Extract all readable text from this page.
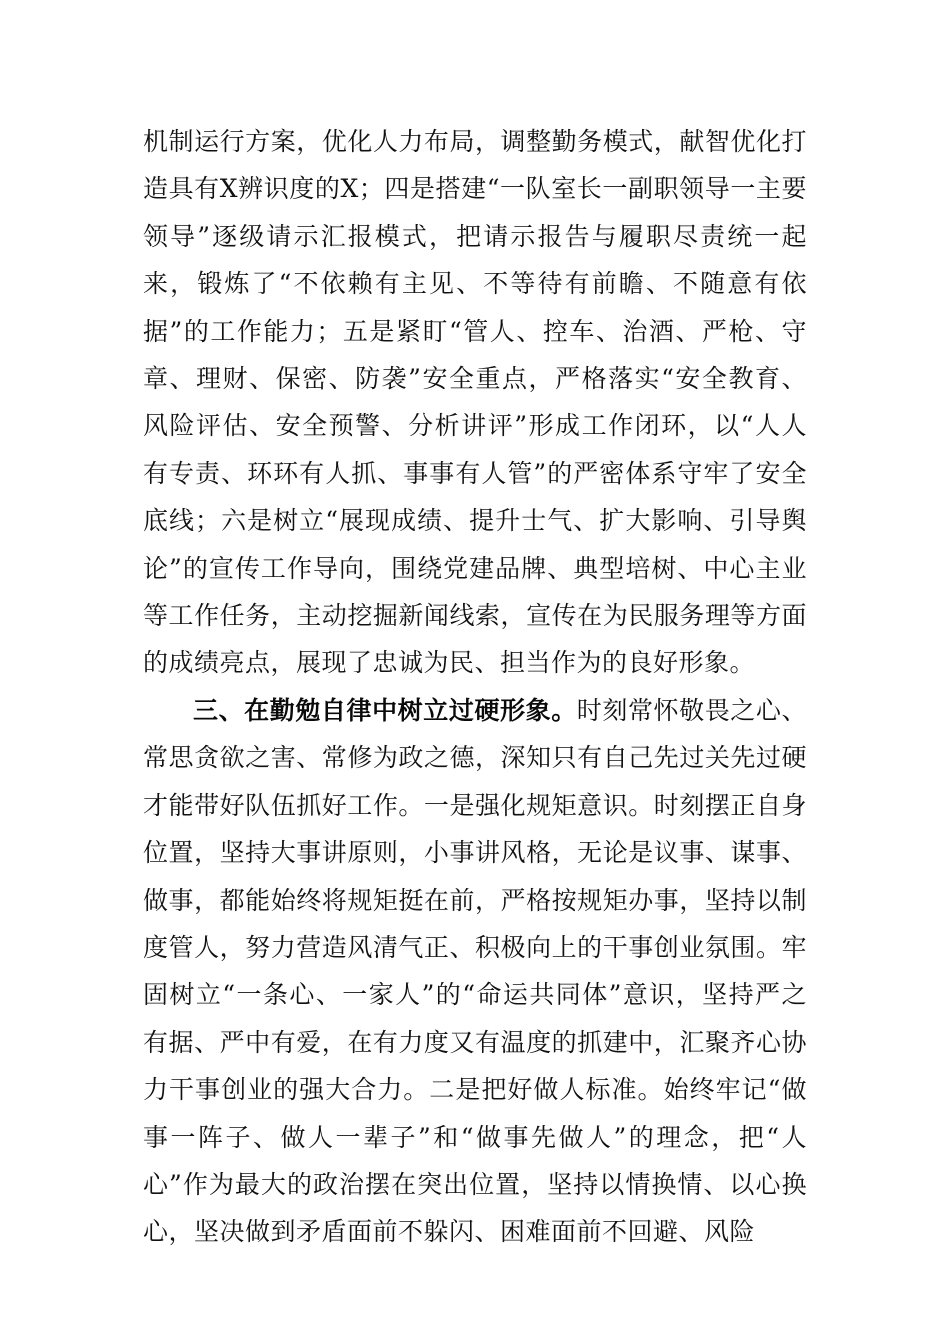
机制运行方案，优化人力布局，调整勤务模式，献智优化打造具有X辨识度的X；四是搭建“一队室长一副职领导一主要领导”逐级请示汇报模式，把请示报告与履职尽责统一起来，锻炼了“不依赖有主见、不等待有前瞻、不随意有依据”的工作能力；五是紧盯“管人、控车、治酒、严枪、守章、理财、保密、防袭”安全重点，严格落实“安全教育、风险评估、安全预警、分析讲评”形成工作闭环，以“人人有专责、环环有人抓、事事有人管”的严密体系守牢了安全底线；六是树立“展现成绩、提升士气、扩大影响、引导舆论”的宣传工作导向，围绕党建品牌、典型培树、中心主业等工作任务，主动挖掘新闻线索，宣传在为民服务理等方面的成绩亮点，展现了忠诚为民、担当作为的良好形象。

三、在勤勉自律中树立过硬形象。时刻常怀敬畏之心、常思贪欲之害、常修为政之德，深知只有自己先过关先过硬才能带好队伍抓好工作。一是强化规矩意识。时刻摆正自身位置，坚持大事讲原则，小事讲风格，无论是议事、谋事、做事，都能始终将规矩挺在前，严格按规矩办事，坚持以制度管人，努力营造风清气正、积极向上的干事创业氛围。牢固树立“一条心、一家人”的“命运共同体”意识，坚持严之有据、严中有爱，在有力度又有温度的抓建中，汇聚齐心协力干事创业的强大合力。二是把好做人标准。始终牢记“做事一阵子、做人一辈子”和“做事先做人”的理念，把“人心”作为最大的政治摆在突出位置，坚持以情换情、以心换心，坚决做到矛盾面前不躲闪、困难面前不回避、风险
